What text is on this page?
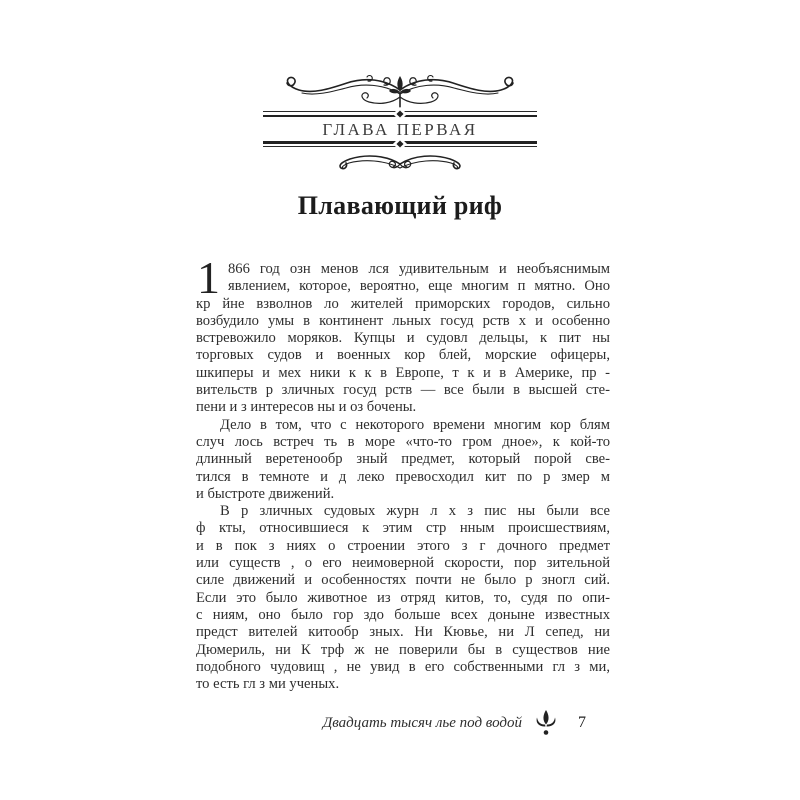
ГЛАВА ПЕРВАЯ
Плавающий риф
1 866 год озн менов лся удивительным и необъяснимым
явлением, которое, вероятно, еще многим п мятно. Оно
кр йне взволнов ло жителей приморских городов, сильно
возбудило умы в континент льных госуд рств х и особенно
встревожило моряков. Купцы и судовл дельцы, к пит ны
торговых судов и военных кор блей, морские офицеры,
шкиперы и мех ники к к в Европе, т к и в Америке, пр -
вительств р зличных госуд рств — все были в высшей сте-
пени и з интересов ны и оз бочены.
Дело в том, что с некоторого времени многим кор блям
случ лось встреч ть в море «что-то гром дное», к кой-то
длинный веретенообр зный предмет, который порой све-
тился в темноте и д леко превосходил кит по р змер м
и быстроте движений.
В р зличных судовых журн л х з пис ны были все
ф кты, относившиеся к этим стр нным происшествиям,
и в пок з ниях о строении этого з г дочного предмет
или существ , о его неимоверной скорости, пор зительной
силе движений и особенностях почти не было р зногл сий.
Если это было животное из отряд китов, то, судя по опи-
с ниям, оно было гор здо больше всех доныне известных
предст вителей китообр зных. Ни Кювье, ни Л сепед, ни
Дюмериль, ни К трф ж не поверили бы в существов ние
подобного чудовищ , не увид в его собственными гл з ми,
то есть гл з ми ученых.
Двадцать тысяч лье под водой	7
